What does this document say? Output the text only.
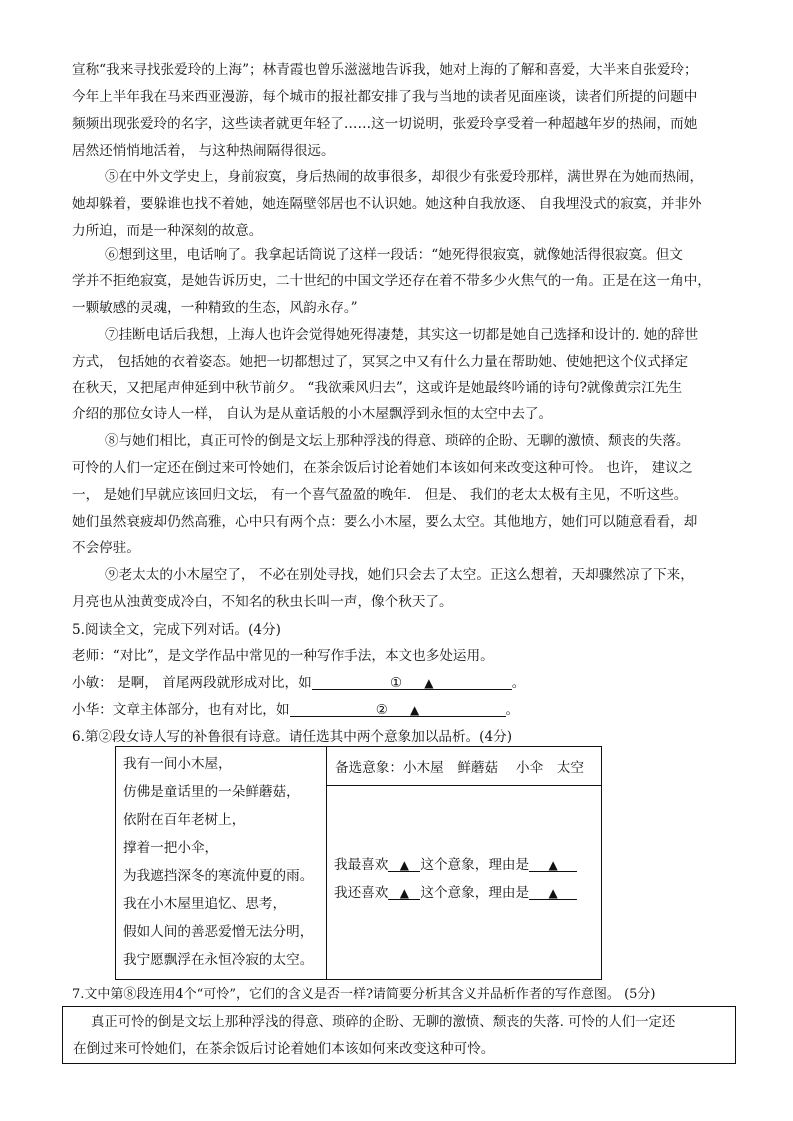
宣称“我来寻找张爱玲的上海”；林青霞也曾乐滋滋地告诉我，她对上海的了解和喜爱，大半来自张爱玲；
今年上半年我在马来西亚漫游，每个城市的报社都安排了我与当地的读者见面座谈，读者们所提的问题中
频频出现张爱玲的名字，这些读者就更年轻了……这一切说明，张爱玲享受着一种超越年岁的热闹，而她
居然还悄悄地活着， 与这种热闹隔得很远。
⑤在中外文学史上，身前寂寞，身后热闹的故事很多，却很少有张爱玲那样，满世界在为她而热闹，
她却躲着，要躲谁也找不着她，她连隔壁邻居也不认识她。她这种自我放逐、 自我埋没式的寂寞，并非外
力所迫，而是一种深刻的故意。
⑥想到这里，电话响了。我拿起话筒说了这样一段话：“她死得很寂寞，就像她活得很寂寞。但文
学并不拒绝寂寞，是她告诉历史，二十世纪的中国文学还存在着不带多少火焦气的一角。正是在这一角中，
一颗敏感的灵魂，一种精致的生态，风韵永存。”
⑦挂断电话后我想，上海人也许会觉得她死得凄楚，其实这一切都是她自己选择和设计的. 她的辞世
方式， 包括她的衣着姿态。她把一切都想过了，冥冥之中又有什么力量在帮助她、使她把这个仪式择定
在秋天，又把尾声伸延到中秋节前夕。 “我欲乘风归去”，这或许是她最终吟诵的诗句?就像黄宗江先生
介绍的那位女诗人一样， 自认为是从童话般的小木屋飘浮到永恒的太空中去了。
⑧与她们相比，真正可怜的倒是文坛上那种浮浅的得意、琐碎的企盼、无聊的激愤、颓丧的失落。
可怜的人们一定还在倒过来可怜她们，在茶余饭后讨论着她们本该如何来改变这种可怜。 也许， 建议之
一， 是她们早就应该回归文坛， 有一个喜气盈盈的晚年． 但是、 我们的老太太极有主见，不听这些。
她们虽然衰疲却仍然高雅，心中只有两个点：要么小木屋，要么太空。其他地方，她们可以随意看看，却
不会停驻。
⑨老太太的小木屋空了， 不必在别处寻找，她们只会去了太空。正这么想着，天却骤然凉了下来，
月亮也从浊黄变成冷白，不知名的秋虫长叫一声，像个秋天了。
5.阅读全文，完成下列对话。(4分)
老师：“对比”，是文学作品中常见的一种写作手法，本文也多处运用。
小敏： 是啊， 首尾两段就形成对比，如	① ▲	。
小华：文章主体部分，也有对比，如	② ▲	。
6.第②段女诗人写的补鲁很有诗意。请任选其中两个意象加以品析。(4分)
我有一间小木屋，
仿佛是童话里的一朵鲜蘑菇，
依附在百年老树上，
撑着一把小伞，
为我遮挡深冬的寒流仲夏的雨。
我在小木屋里追忆、思考，
假如人间的善恶爱憎无法分明，
我宁愿飘浮在永恒冷寂的太空。
备选意象：小木屋　鲜蘑菇　 小伞　太空
我最喜欢 ▲ 这个意象，理由是 ▲
我还喜欢 ▲ 这个意象，理由是 ▲
7.文中第⑧段连用4个“可怜”，它们的含义是否一样?请简要分析其含义并品析作者的写作意图。 (5分)
真正可怜的倒是文坛上那种浮浅的得意、琐碎的企盼、无聊的激愤、颓丧的失落. 可怜的人们一定还
在倒过来可怜她们，在茶余饭后讨论着她们本该如何来改变这种可怜。
